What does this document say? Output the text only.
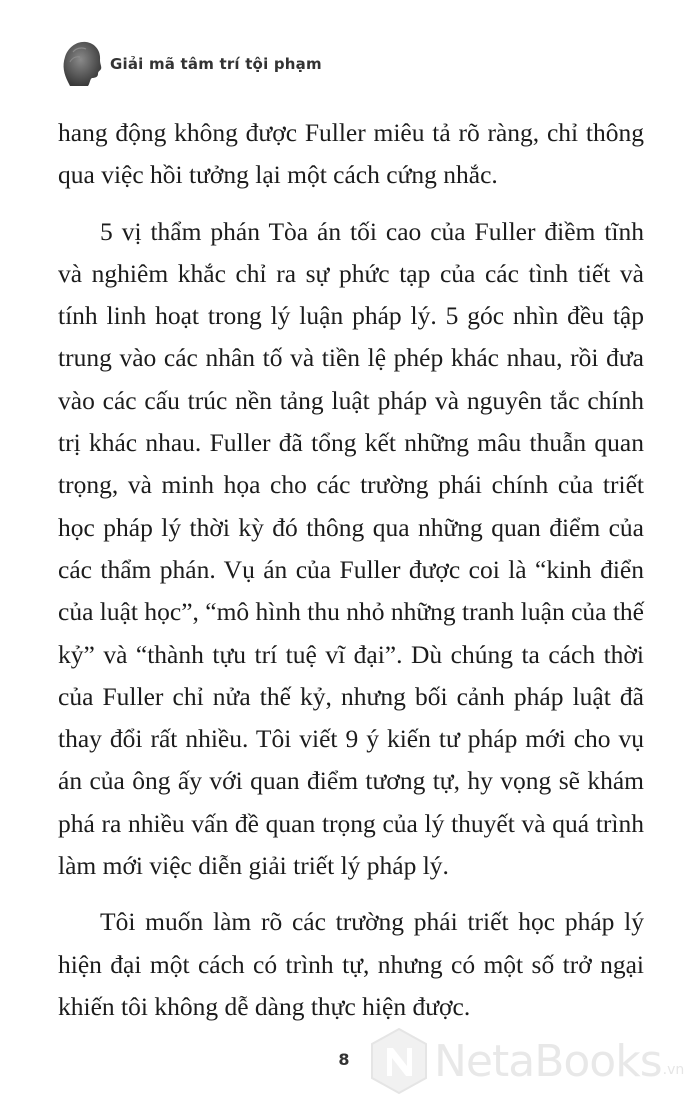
Giải mã tâm trí tội phạm

hang động không được Fuller miêu tả rõ ràng, chỉ thông qua việc hồi tưởng lại một cách cứng nhắc.

5 vị thẩm phán Tòa án tối cao của Fuller điềm tĩnh và nghiêm khắc chỉ ra sự phức tạp của các tình tiết và tính linh hoạt trong lý luận pháp lý. 5 góc nhìn đều tập trung vào các nhân tố và tiền lệ phép khác nhau, rồi đưa vào các cấu trúc nền tảng luật pháp và nguyên tắc chính trị khác nhau. Fuller đã tổng kết những mâu thuẫn quan trọng, và minh họa cho các trường phái chính của triết học pháp lý thời kỳ đó thông qua những quan điểm của các thẩm phán. Vụ án của Fuller được coi là “kinh điển của luật học”, “mô hình thu nhỏ những tranh luận của thế kỷ” và “thành tựu trí tuệ vĩ đại”. Dù chúng ta cách thời của Fuller chỉ nửa thế kỷ, nhưng bối cảnh pháp luật đã thay đổi rất nhiều. Tôi viết 9 ý kiến tư pháp mới cho vụ án của ông ấy với quan điểm tương tự, hy vọng sẽ khám phá ra nhiều vấn đề quan trọng của lý thuyết và quá trình làm mới việc diễn giải triết lý pháp lý.

Tôi muốn làm rõ các trường phái triết học pháp lý hiện đại một cách có trình tự, nhưng có một số trở ngại khiến tôi không dễ dàng thực hiện được.

8	NetaBooks .vn
